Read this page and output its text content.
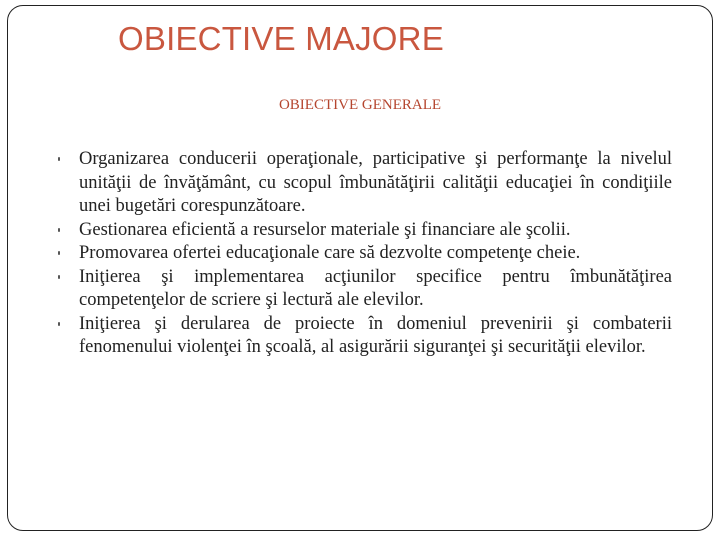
OBIECTIVE MAJORE
OBIECTIVE GENERALE
Organizarea conducerii operaţionale, participative şi performanţe la nivelul unităţii de învăţământ, cu scopul îmbunătăţirii calităţii educaţiei în condiţiile unei bugetări corespunzătoare.
Gestionarea eficientă a resurselor materiale şi financiare ale şcolii.
Promovarea ofertei educaţionale care să dezvolte competenţe cheie.
Iniţierea şi implementarea acţiunilor specifice pentru îmbunătăţirea competenţelor de scriere şi lectură ale elevilor.
Iniţierea şi derularea de proiecte în domeniul prevenirii şi combaterii fenomenului violenţei în şcoală, al asigurării siguranţei şi securităţii elevilor.
